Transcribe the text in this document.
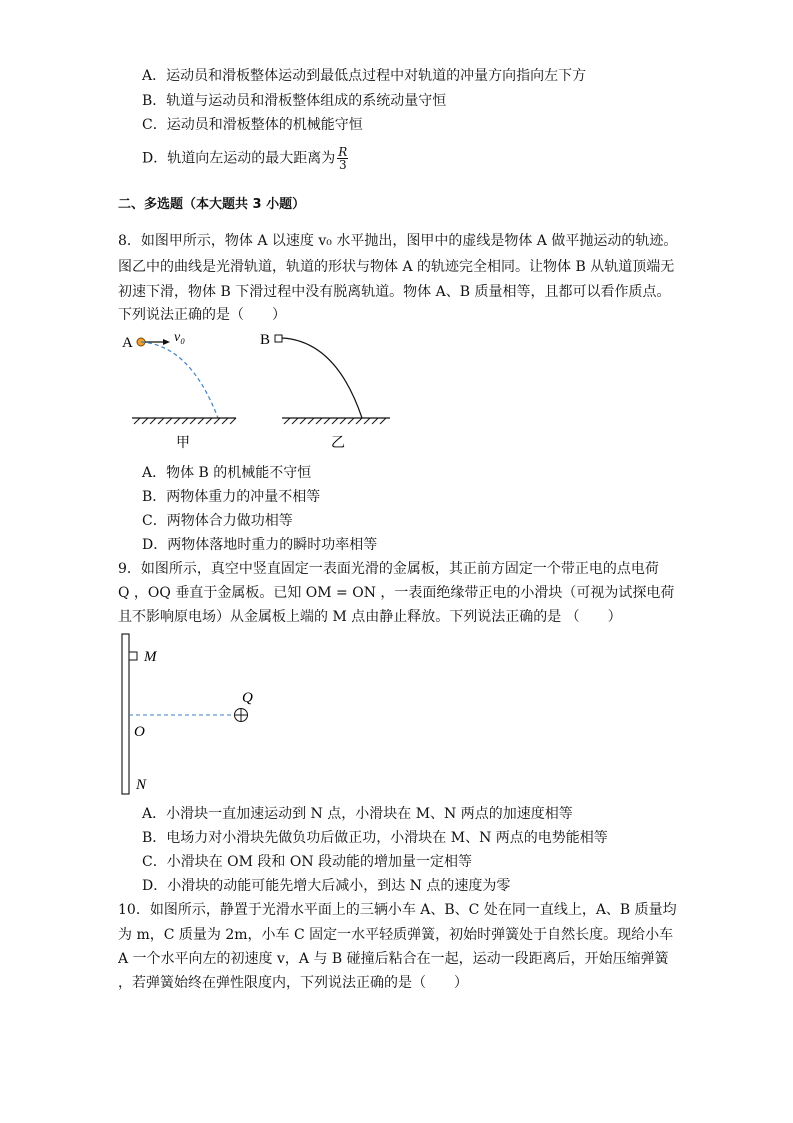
A．运动员和滑板整体运动到最低点过程中对轨道的冲量方向指向左下方
B．轨道与运动员和滑板整体组成的系统动量守恒
C．运动员和滑板整体的机械能守恒
D．轨道向左运动的最大距离为 $\frac{R}{3}$
二、多选题（本大题共 3 小题）
8．如图甲所示，物体 A 以速度 v₀ 水平抛出，图甲中的虚线是物体 A 做平抛运动的轨迹。
图乙中的曲线是光滑轨道，轨道的形状与物体 A 的轨迹完全相同。让物体 B 从轨道顶端无
初速下滑，物体 B 下滑过程中没有脱离轨道。物体 A、B 质量相等，且都可以看作质点。
下列说法正确的是（　　）
A	v₀
甲
B
乙
A．物体 B 的机械能不守恒
B．两物体重力的冲量不相等
C．两物体合力做功相等
D．两物体落地时重力的瞬时功率相等
9．如图所示，真空中竖直固定一表面光滑的金属板，其正前方固定一个带正电的点电荷
Q ，OQ 垂直于金属板。已知 OM = ON ，一表面绝缘带正电的小滑块（可视为试探电荷
且不影响原电场）从金属板上端的 M 点由静止释放。下列说法正确的是 （　　）
M
Q
O
N
A．小滑块一直加速运动到 N 点，小滑块在 M、N 两点的加速度相等
B．电场力对小滑块先做负功后做正功，小滑块在 M、N 两点的电势能相等
C．小滑块在 OM 段和 ON 段动能的增加量一定相等
D．小滑块的动能可能先增大后减小，到达 N 点的速度为零
10．如图所示，静置于光滑水平面上的三辆小车 A、B、C 处在同一直线上，A、B 质量均
为 m，C 质量为 2m，小车 C 固定一水平轻质弹簧，初始时弹簧处于自然长度。现给小车
A 一个水平向左的初速度 v，A 与 B 碰撞后粘合在一起，运动一段距离后，开始压缩弹簧
，若弹簧始终在弹性限度内，下列说法正确的是（　　）
